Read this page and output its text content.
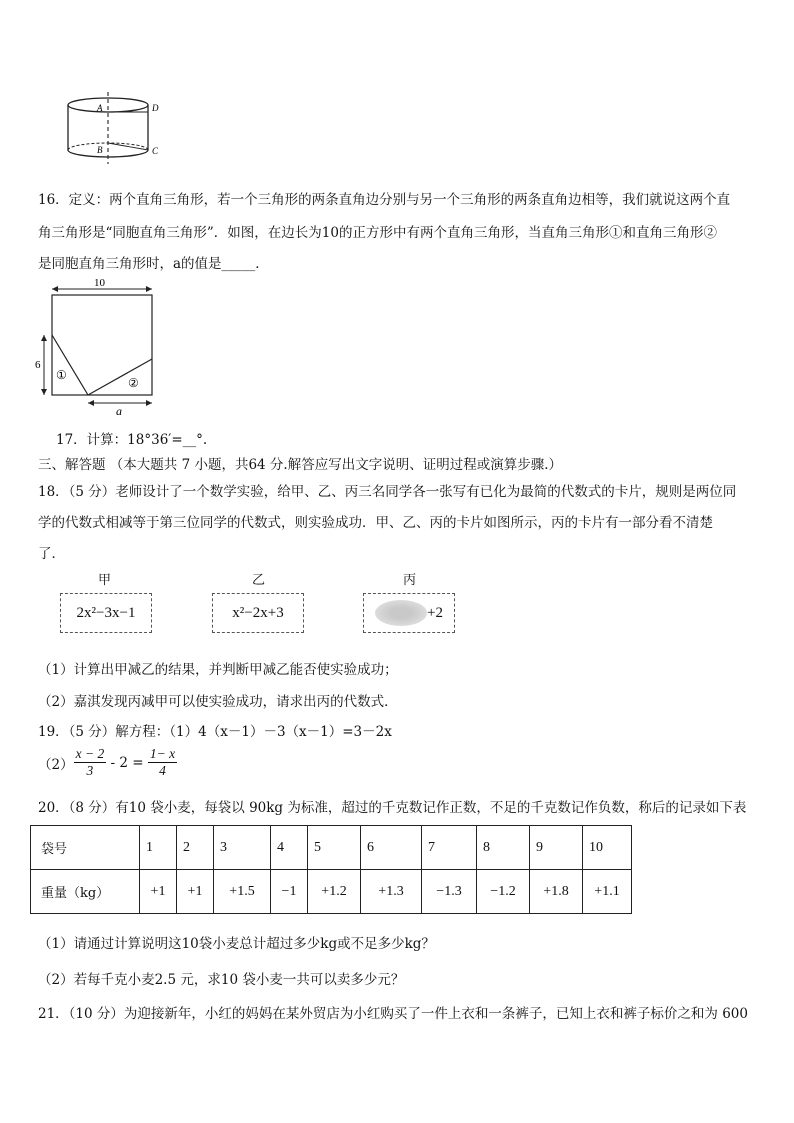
A	D
B	C
16．定义：两个直角三角形，若一个三角形的两条直角边分别与另一个三角形的两条直角边相等，我们就说这两个直
角三角形是“同胞直角三角形”．如图，在边长为10的正方形中有两个直角三角形，当直角三角形①和直角三角形②
是同胞直角三角形时，a的值是_____．
10
6
①
②
a
17．计算：18°36′=__°.
三、解答题 （本大题共 7 小题，共64 分.解答应写出文字说明、证明过程或演算步骤.）
18．（5 分）老师设计了一个数学实验，给甲、乙、丙三名同学各一张写有已化为最简的代数式的卡片，规则是两位同
学的代数式相减等于第三位同学的代数式，则实验成功．甲、乙、丙的卡片如图所示，丙的卡片有一部分看不清楚
了．
甲
2x²−3x−1
乙
x²−2x+3
丙
+2
（1）计算出甲减乙的结果，并判断甲减乙能否使实验成功；
（2）嘉淇发现丙减甲可以使实验成功，请求出丙的代数式．
19．（5 分）解方程：（1）4（x－1）－3（x－1）=3－2x
$(2) \frac{x - 2}{3} - 2 = \frac{1- x}{4}$
20．（8 分）有10 袋小麦，每袋以 90kg 为标准，超过的千克数记作正数，不足的千克数记作负数，称后的记录如下表
袋号	1	2	3	4	5	6	7	8	9	10
重量（kg）	+1	+1	+1.5	−1	+1.2	+1.3	−1.3	−1.2	+1.8	+1.1
（1）请通过计算说明这10袋小麦总计超过多少kg或不足多少kg？
（2）若每千克小麦2.5 元，求10 袋小麦一共可以卖多少元？
21．（10 分）为迎接新年，小红的妈妈在某外贸店为小红购买了一件上衣和一条裤子，已知上衣和裤子标价之和为 600
